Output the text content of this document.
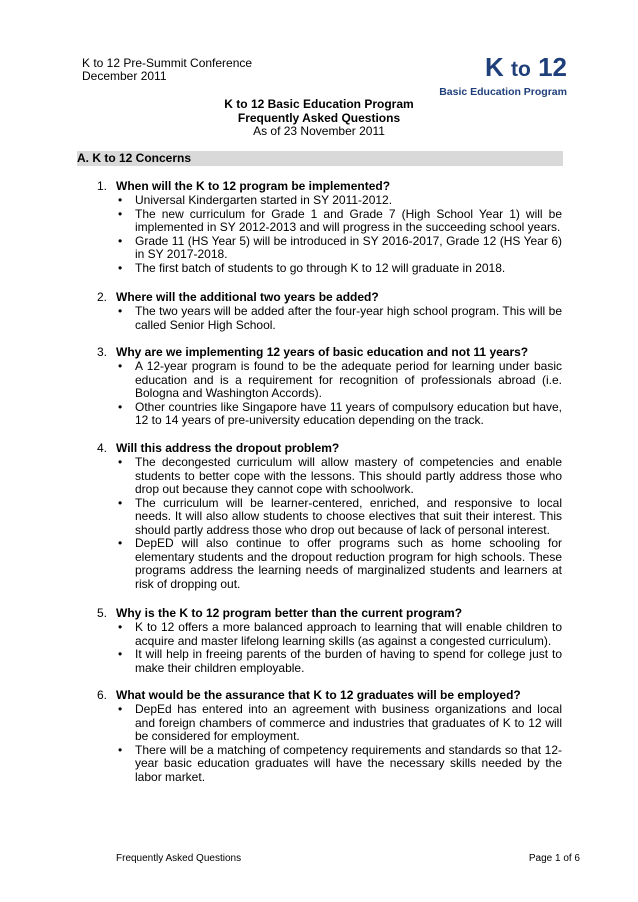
K to 12 Pre-Summit Conference
December 2011	K to 12
Basic Education Program
K to 12 Basic Education Program
Frequently Asked Questions
As of 23 November 2011
A. K to 12 Concerns
1. When will the K to 12 program be implemented?
• Universal Kindergarten started in SY 2011-2012.
• The new curriculum for Grade 1 and Grade 7 (High School Year 1) will be implemented in SY 2012-2013 and will progress in the succeeding school years.
• Grade 11 (HS Year 5) will be introduced in SY 2016-2017, Grade 12 (HS Year 6) in SY 2017-2018.
• The first batch of students to go through K to 12 will graduate in 2018.
2. Where will the additional two years be added?
• The two years will be added after the four-year high school program. This will be called Senior High School.
3. Why are we implementing 12 years of basic education and not 11 years?
• A 12-year program is found to be the adequate period for learning under basic education and is a requirement for recognition of professionals abroad (i.e. Bologna and Washington Accords).
• Other countries like Singapore have 11 years of compulsory education but have, 12 to 14 years of pre-university education depending on the track.
4. Will this address the dropout problem?
• The decongested curriculum will allow mastery of competencies and enable students to better cope with the lessons. This should partly address those who drop out because they cannot cope with schoolwork.
• The curriculum will be learner-centered, enriched, and responsive to local needs. It will also allow students to choose electives that suit their interest. This should partly address those who drop out because of lack of personal interest.
• DepED will also continue to offer programs such as home schooling for elementary students and the dropout reduction program for high schools. These programs address the learning needs of marginalized students and learners at risk of dropping out.
5. Why is the K to 12 program better than the current program?
• K to 12 offers a more balanced approach to learning that will enable children to acquire and master lifelong learning skills (as against a congested curriculum).
• It will help in freeing parents of the burden of having to spend for college just to make their children employable.
6. What would be the assurance that K to 12 graduates will be employed?
• DepEd has entered into an agreement with business organizations and local and foreign chambers of commerce and industries that graduates of K to 12 will be considered for employment.
• There will be a matching of competency requirements and standards so that 12-year basic education graduates will have the necessary skills needed by the labor market.
Frequently Asked Questions	Page 1 of 6
